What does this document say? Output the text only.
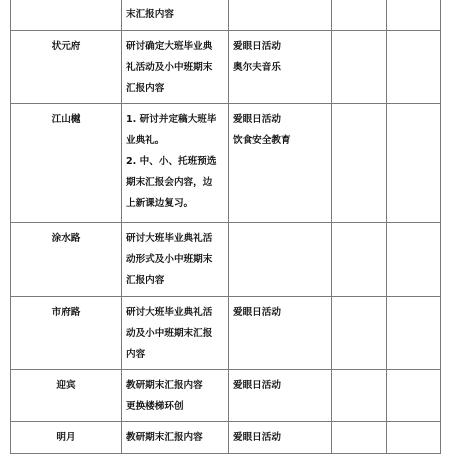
	末汇报内容			

状元府	研讨确定大班毕业典
礼活动及小中班期末
汇报内容	爱眼日活动
奥尔夫音乐		

江山樾	1. 研讨并定稿大班毕
业典礼。
2. 中、小、托班预选
期末汇报会内容，边
上新课边复习。	爱眼日活动
饮食安全教育		

涂水路	研讨大班毕业典礼活
动形式及小中班期末
汇报内容			

市府路	研讨大班毕业典礼活
动及小中班期末汇报
内容	爱眼日活动		

迎宾	教研期末汇报内容
更换楼梯环创	爱眼日活动		

明月	教研期末汇报内容	爱眼日活动		
